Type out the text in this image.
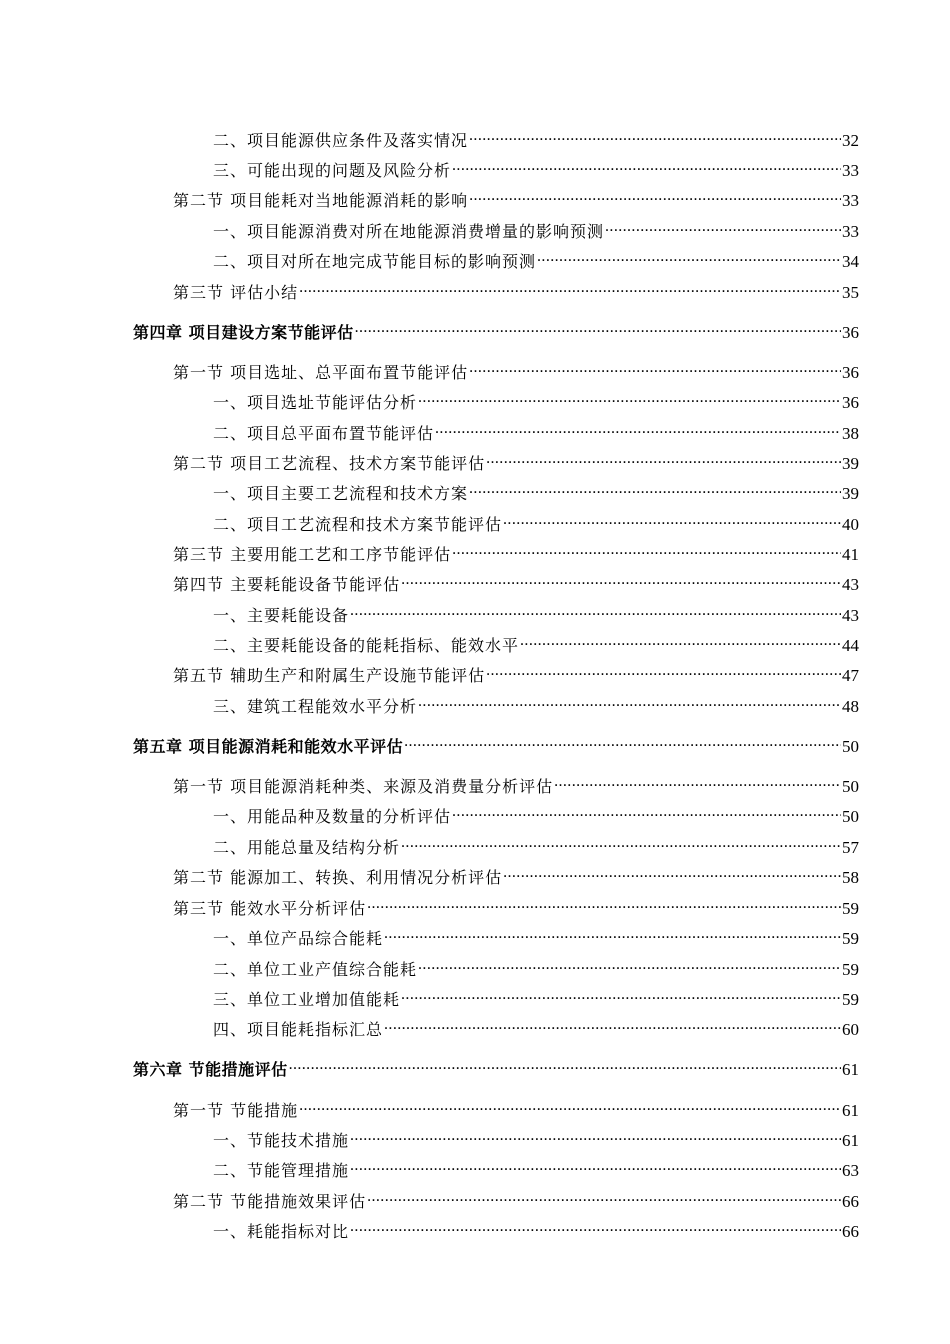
二、项目能源供应条件及落实情况 .....	32
三、可能出现的问题及风险分析 .....	33
第二节 项目能耗对当地能源消耗的影响 .....	33
一、项目能源消费对所在地能源消费增量的影响预测 .....	33
二、项目对所在地完成节能目标的影响预测 .....	34
第三节 评估小结 .....	35
第四章 项目建设方案节能评估 .....	36
第一节 项目选址、总平面布置节能评估 .....	36
一、项目选址节能评估分析 .....	36
二、项目总平面布置节能评估 .....	38
第二节 项目工艺流程、技术方案节能评估 .....	39
一、项目主要工艺流程和技术方案 .....	39
二、项目工艺流程和技术方案节能评估 .....	40
第三节 主要用能工艺和工序节能评估 .....	41
第四节 主要耗能设备节能评估 .....	43
一、主要耗能设备 .....	43
二、主要耗能设备的能耗指标、能效水平 .....	44
第五节 辅助生产和附属生产设施节能评估 .....	47
三、建筑工程能效水平分析 .....	48
第五章 项目能源消耗和能效水平评估 .....	50
第一节 项目能源消耗种类、来源及消费量分析评估 .....	50
一、用能品种及数量的分析评估 .....	50
二、用能总量及结构分析 .....	57
第二节 能源加工、转换、利用情况分析评估 .....	58
第三节 能效水平分析评估 .....	59
一、单位产品综合能耗 .....	59
二、单位工业产值综合能耗 .....	59
三、单位工业增加值能耗 .....	59
四、项目能耗指标汇总 .....	60
第六章 节能措施评估 .....	61
第一节 节能措施 .....	61
一、节能技术措施 .....	61
二、节能管理措施 .....	63
第二节 节能措施效果评估 .....	66
一、耗能指标对比 .....	66
